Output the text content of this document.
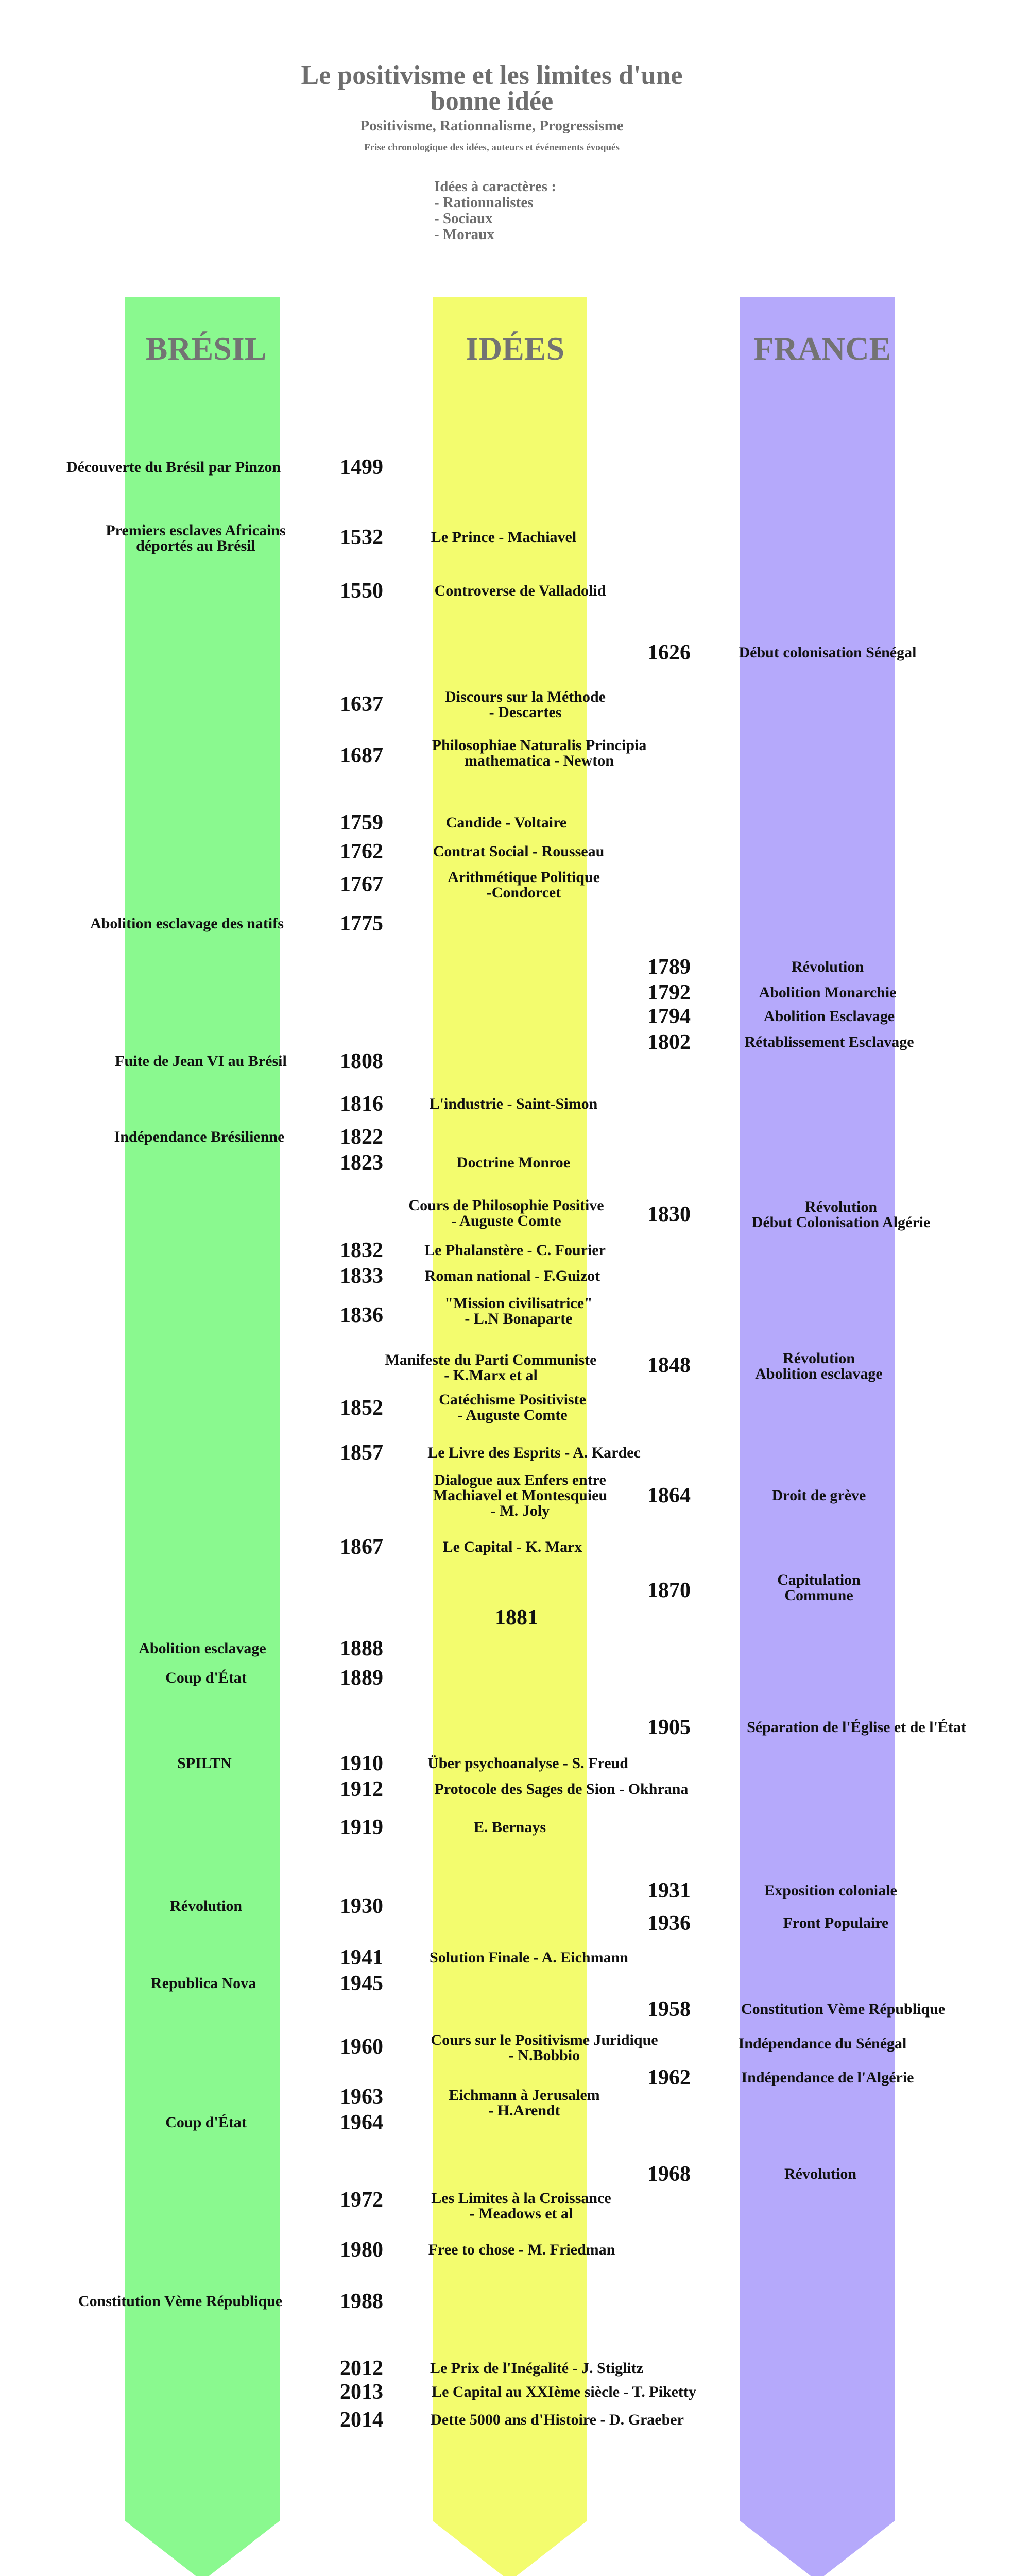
Le positivisme et les limites d'une
bonne idée
Positivisme, Rationnalisme, Progressisme
Frise chronologique des idées, auteurs et événements évoqués
Idées à caractères :
- Rationnalistes
- Sociaux
- Moraux
BRÉSIL	IDÉES	FRANCE
Découverte du Brésil par Pinzon
Premiers esclaves Africains
déportés au Brésil
Abolition esclavage des natifs
Fuite de Jean VI au Brésil
Indépendance Brésilienne
Abolition esclavage
Coup d'État
SPILTN
Révolution
Republica Nova
Coup d'État
Constitution Vème République
1499
1532
1550
1637
1687
1759
1762
1767
1775
1808
1816
1822
1823
1832
1833
1836
1852
1857
1867
1881
1888
1889
1910
1912
1919
1930
1941
1945
1960
1963
1964
1972
1980
1988
2012
2013
2014
Le Prince - Machiavel
Controverse de Valladolid
Discours sur la Méthode
- Descartes
Philosophiae Naturalis Principia
mathematica - Newton
Candide - Voltaire
Contrat Social - Rousseau
Arithmétique Politique
-Condorcet
L'industrie - Saint-Simon
Doctrine Monroe
Cours de Philosophie Positive
- Auguste Comte
Le Phalanstère - C. Fourier
Roman national - F.Guizot
"Mission civilisatrice"
- L.N Bonaparte
Manifeste du Parti Communiste
- K.Marx et al
Catéchisme Positiviste
- Auguste Comte
Le Livre des Esprits - A. Kardec
Dialogue aux Enfers entre
Machiavel et Montesquieu
- M. Joly
Le Capital - K. Marx
Über psychoanalyse - S. Freud
Protocole des Sages de Sion - Okhrana
E. Bernays
Solution Finale - A. Eichmann
Cours sur le Positivisme Juridique
- N.Bobbio
Eichmann à Jerusalem
- H.Arendt
Les Limites à la Croissance
- Meadows et al
Free to chose - M. Friedman
Le Prix de l'Inégalité - J. Stiglitz
Le Capital au XXIème siècle - T. Piketty
Dette 5000 ans d'Histoire - D. Graeber
1626
1789
1792
1794
1802
1830
1848
1864
1870
1905
1931
1936
1958
1962
1968
Début colonisation Sénégal
Révolution
Abolition Monarchie
Abolition Esclavage
Rétablissement Esclavage
Révolution
Début Colonisation Algérie
Révolution
Abolition esclavage
Droit de grève
Capitulation
Commune
Séparation de l'Église et de l'État
Exposition coloniale
Front Populaire
Constitution Vème République
Indépendance du Sénégal
Indépendance de l'Algérie
Révolution
